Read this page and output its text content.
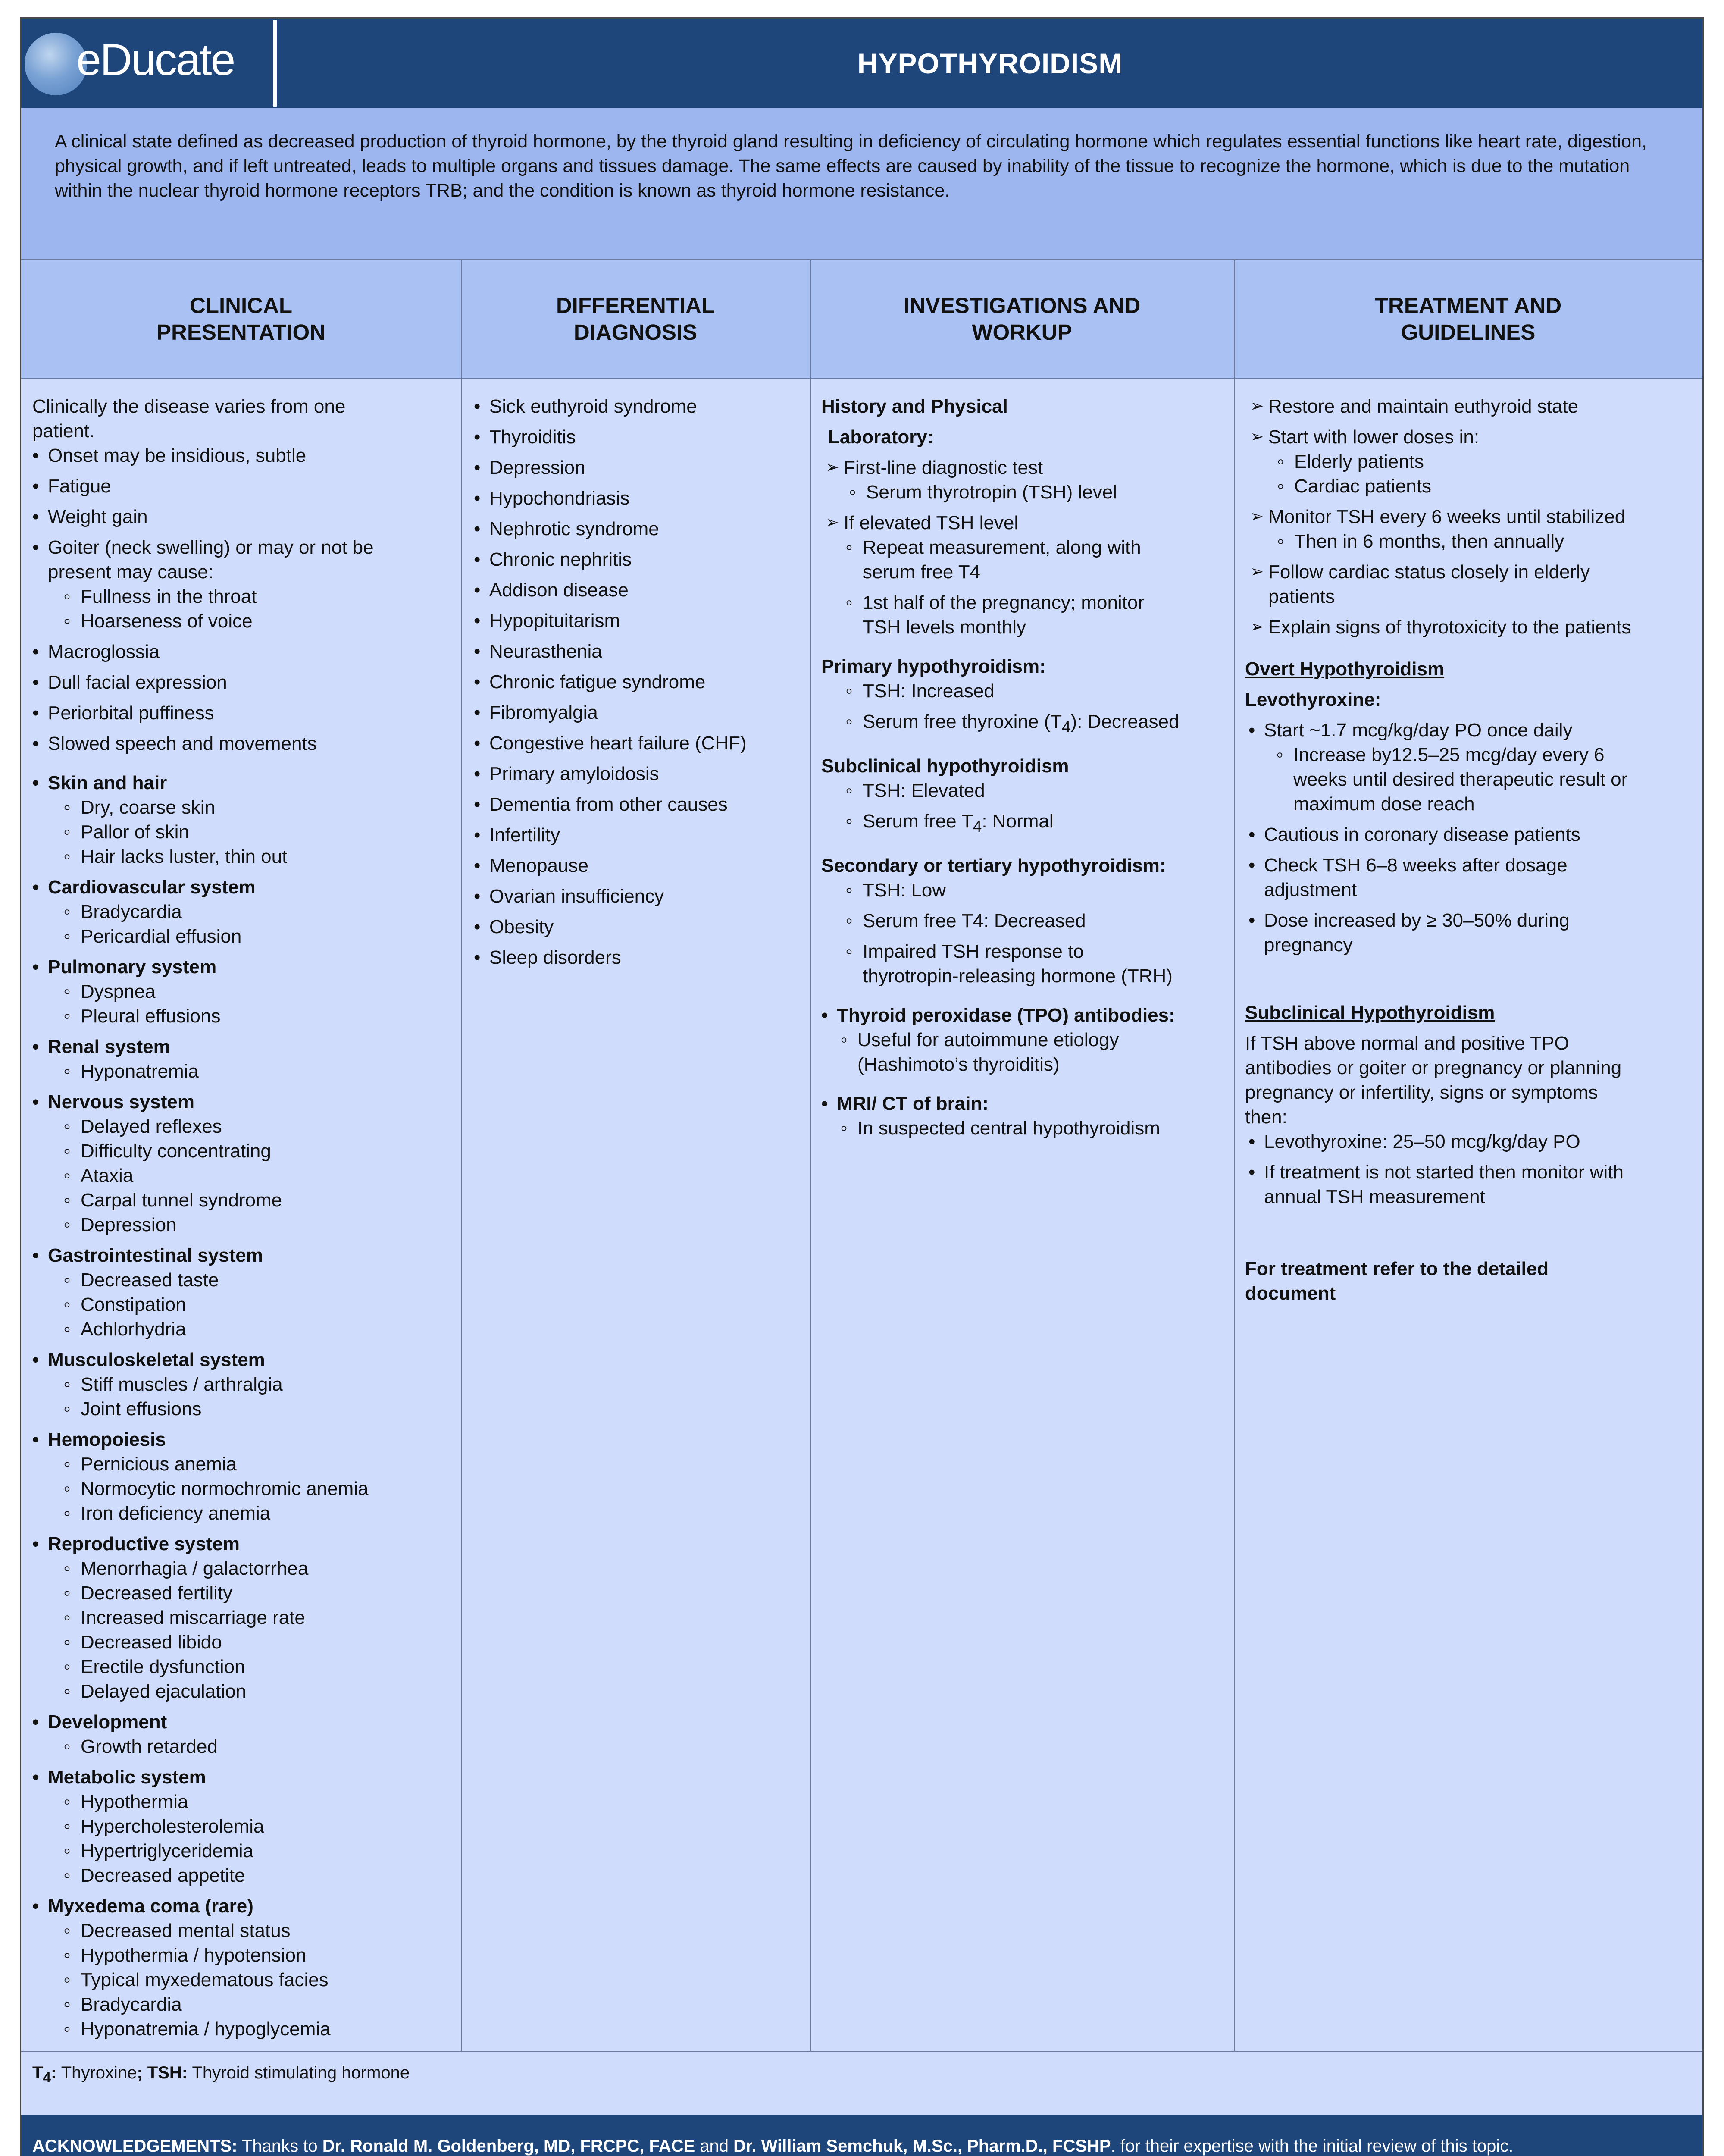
eDucate	HYPOTHYROIDISM
A clinical state defined as decreased production of thyroid hormone, by the thyroid gland resulting in deficiency of circulating hormone which regulates essential functions like heart rate, digestion, physical growth, and if left untreated, leads to multiple organs and tissues damage. The same effects are caused by inability of the tissue to recognize the hormone, which is due to the mutation within the nuclear thyroid hormone receptors TRB; and the condition is known as thyroid hormone resistance.
CLINICAL
PRESENTATION
DIFFERENTIAL
DIAGNOSIS
INVESTIGATIONS AND
WORKUP
TREATMENT AND
GUIDELINES
Clinically the disease varies from one
patient.
• Onset may be insidious, subtle
• Fatigue
• Weight gain
• Goiter (neck swelling) or may or not be
present may cause:
◦ Fullness in the throat
◦ Hoarseness of voice
• Macroglossia
• Dull facial expression
• Periorbital puffiness
• Slowed speech and movements
• Skin and hair
◦ Dry, coarse skin
◦ Pallor of skin
◦ Hair lacks luster, thin out
• Cardiovascular system
◦ Bradycardia
◦ Pericardial effusion
• Pulmonary system
◦ Dyspnea
◦ Pleural effusions
• Renal system
◦ Hyponatremia
• Nervous system
◦ Delayed reflexes
◦ Difficulty concentrating
◦ Ataxia
◦ Carpal tunnel syndrome
◦ Depression
• Gastrointestinal system
◦ Decreased taste
◦ Constipation
◦ Achlorhydria
• Musculoskeletal system
◦ Stiff muscles / arthralgia
◦ Joint effusions
• Hemopoiesis
◦ Pernicious anemia
◦ Normocytic normochromic anemia
◦ Iron deficiency anemia
• Reproductive system
◦ Menorrhagia / galactorrhea
◦ Decreased fertility
◦ Increased miscarriage rate
◦ Decreased libido
◦ Erectile dysfunction
◦ Delayed ejaculation
• Development
◦ Growth retarded
• Metabolic system
◦ Hypothermia
◦ Hypercholesterolemia
◦ Hypertriglyceridemia
◦ Decreased appetite
• Myxedema coma (rare)
◦ Decreased mental status
◦ Hypothermia / hypotension
◦ Typical myxedematous facies
◦ Bradycardia
◦ Hyponatremia / hypoglycemia
• Sick euthyroid syndrome
• Thyroiditis
• Depression
• Hypochondriasis
• Nephrotic syndrome
• Chronic nephritis
• Addison disease
• Hypopituitarism
• Neurasthenia
• Chronic fatigue syndrome
• Fibromyalgia
• Congestive heart failure (CHF)
• Primary amyloidosis
• Dementia from other causes
• Infertility
• Menopause
• Ovarian insufficiency
• Obesity
• Sleep disorders
History and Physical
Laboratory:
➢ First-line diagnostic test
◦ Serum thyrotropin (TSH) level
➢ If elevated TSH level
◦ Repeat measurement, along with
serum free T4
◦ 1st half of the pregnancy; monitor
TSH levels monthly
Primary hypothyroidism:
◦ TSH: Increased
◦ Serum free thyroxine $(T_4)$: Decreased
Subclinical hypothyroidism
◦ TSH: Elevated
◦ Serum free $T_4$: Normal
Secondary or tertiary hypothyroidism:
◦ TSH: Low
◦ Serum free T4: Decreased
◦ Impaired TSH response to
thyrotropin-releasing hormone (TRH)
• Thyroid peroxidase (TPO) antibodies:
◦ Useful for autoimmune etiology
(Hashimoto’s thyroiditis)
• MRI/ CT of brain:
◦ In suspected central hypothyroidism
➢ Restore and maintain euthyroid state
➢ Start with lower doses in:
◦ Elderly patients
◦ Cardiac patients
➢ Monitor TSH every 6 weeks until stabilized
◦ Then in 6 months, then annually
➢ Follow cardiac status closely in elderly
patients
➢ Explain signs of thyrotoxicity to the patients
Overt Hypothyroidism
Levothyroxine:
• Start ~1.7 mcg/kg/day PO once daily
◦ Increase by12.5–25 mcg/day every 6
weeks until desired therapeutic result or
maximum dose reach
• Cautious in coronary disease patients
• Check TSH 6–8 weeks after dosage
adjustment
• Dose increased by ≥ 30–50% during
pregnancy
Subclinical Hypothyroidism
If TSH above normal and positive TPO
antibodies or goiter or pregnancy or planning
pregnancy or infertility, signs or symptoms
then:
• Levothyroxine: 25–50 mcg/kg/day PO
• If treatment is not started then monitor with
annual TSH measurement
For treatment refer to the detailed
document
$T_4$: Thyroxine; TSH: Thyroid stimulating hormone
ACKNOWLEDGEMENTS: Thanks to Dr. Ronald M. Goldenberg, MD, FRCPC, FACE and Dr. William Semchuk, M.Sc., Pharm.D., FCSHP. for their expertise with the initial review of this topic.
